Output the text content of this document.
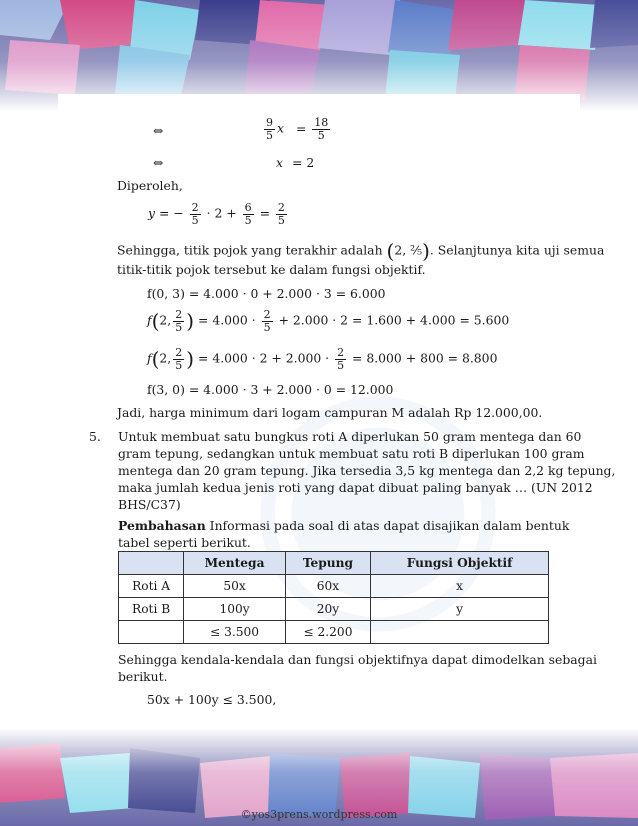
⇔	$\frac{9}{5}$ $x = \frac{18}{5}$
⇔	x = 2
Diperoleh,
y = − $\frac{2}{5} \cdot 2 + \frac{6}{5} = \frac{2}{5}$
Sehingga, titik pojok yang terakhir adalah (2, ²⁄₅). Selanjtunya kita uji semua
titik-titik pojok tersebut ke dalam fungsi objektif.
f(0, 3) = 4.000 · 0 + 2.000 · 3 = 6.000
f(2, $\frac{2}{5}$ ) = $4.000 \cdot \frac{2}{5} + 2.000 \cdot 2 = 1.600 + 4.000 = 5.600$
f(2, $\frac{2}{5}$ ) = $4.000 \cdot 2 + 2.000 \cdot \frac{2}{5} = 8.000 + 800 = 8.800$
f(3, 0) = 4.000 · 3 + 2.000 · 0 = 12.000
Jadi, harga minimum dari logam campuran M adalah Rp 12.000,00.
5. Untuk membuat satu bungkus roti A diperlukan 50 gram mentega dan 60
gram tepung, sedangkan untuk membuat satu roti B diperlukan 100 gram
mentega dan 20 gram tepung. Jika tersedia 3,5 kg mentega dan 2,2 kg tepung,
maka jumlah kedua jenis roti yang dapat dibuat paling banyak … (UN 2012
BHS/C37)
Pembahasan Informasi pada soal di atas dapat disajikan dalam bentuk
tabel seperti berikut.
	Mentega	Tepung	Fungsi Objektif
Roti A	50x	60x	x
Roti B	100y	20y	y
	≤ 3.500	≤ 2.200	
Sehingga kendala-kendala dan fungsi objektifnya dapat dimodelkan sebagai
berikut.
50x + 100y ≤ 3.500,
©yos3prens.wordpress.com
